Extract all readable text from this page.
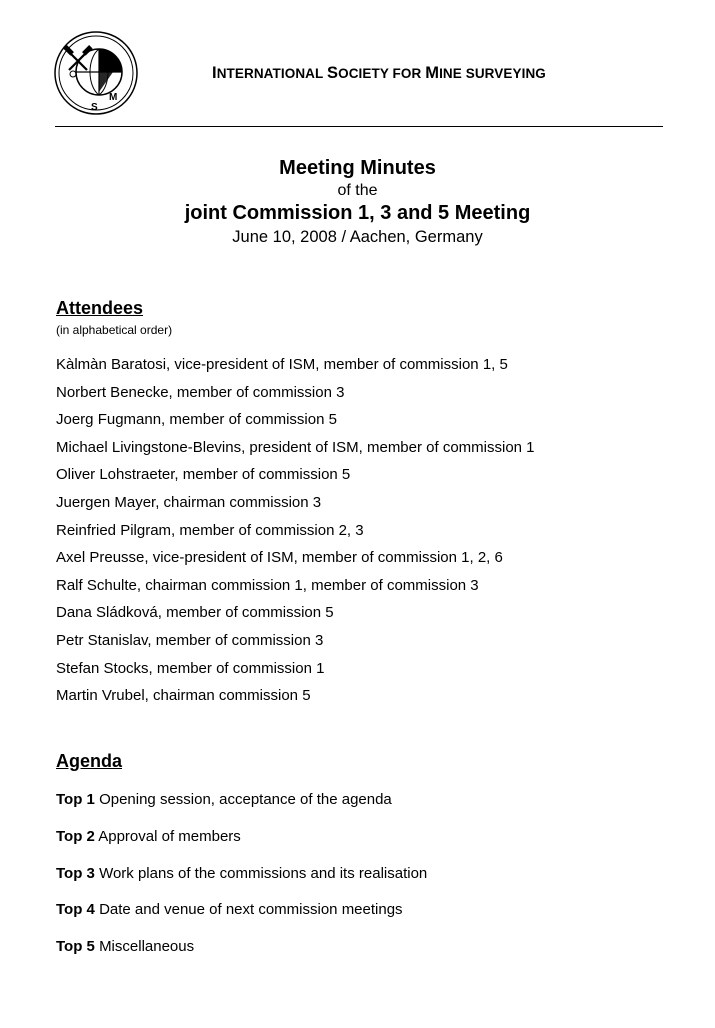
S
M
INTERNATIONAL SOCIETY FOR MINE SURVEYING
Meeting Minutes
of the
joint Commission 1, 3 and 5 Meeting
June 10, 2008 / Aachen, Germany
Attendees
(in alphabetical order)
Kàlmàn Baratosi, vice-president of ISM, member of commission 1, 5
Norbert Benecke, member of commission 3
Joerg Fugmann, member of commission 5
Michael Livingstone-Blevins, president of ISM, member of commission 1
Oliver Lohstraeter, member of commission 5
Juergen Mayer, chairman commission 3
Reinfried Pilgram, member of commission 2, 3
Axel Preusse, vice-president of ISM, member of commission 1, 2, 6
Ralf Schulte, chairman commission 1, member of commission 3
Dana Sládková, member of commission 5
Petr Stanislav, member of commission 3
Stefan Stocks, member of commission 1
Martin Vrubel, chairman commission 5
Agenda
Top 1 Opening session, acceptance of the agenda
Top 2 Approval of members
Top 3 Work plans of the commissions and its realisation
Top 4 Date and venue of next commission meetings
Top 5 Miscellaneous
